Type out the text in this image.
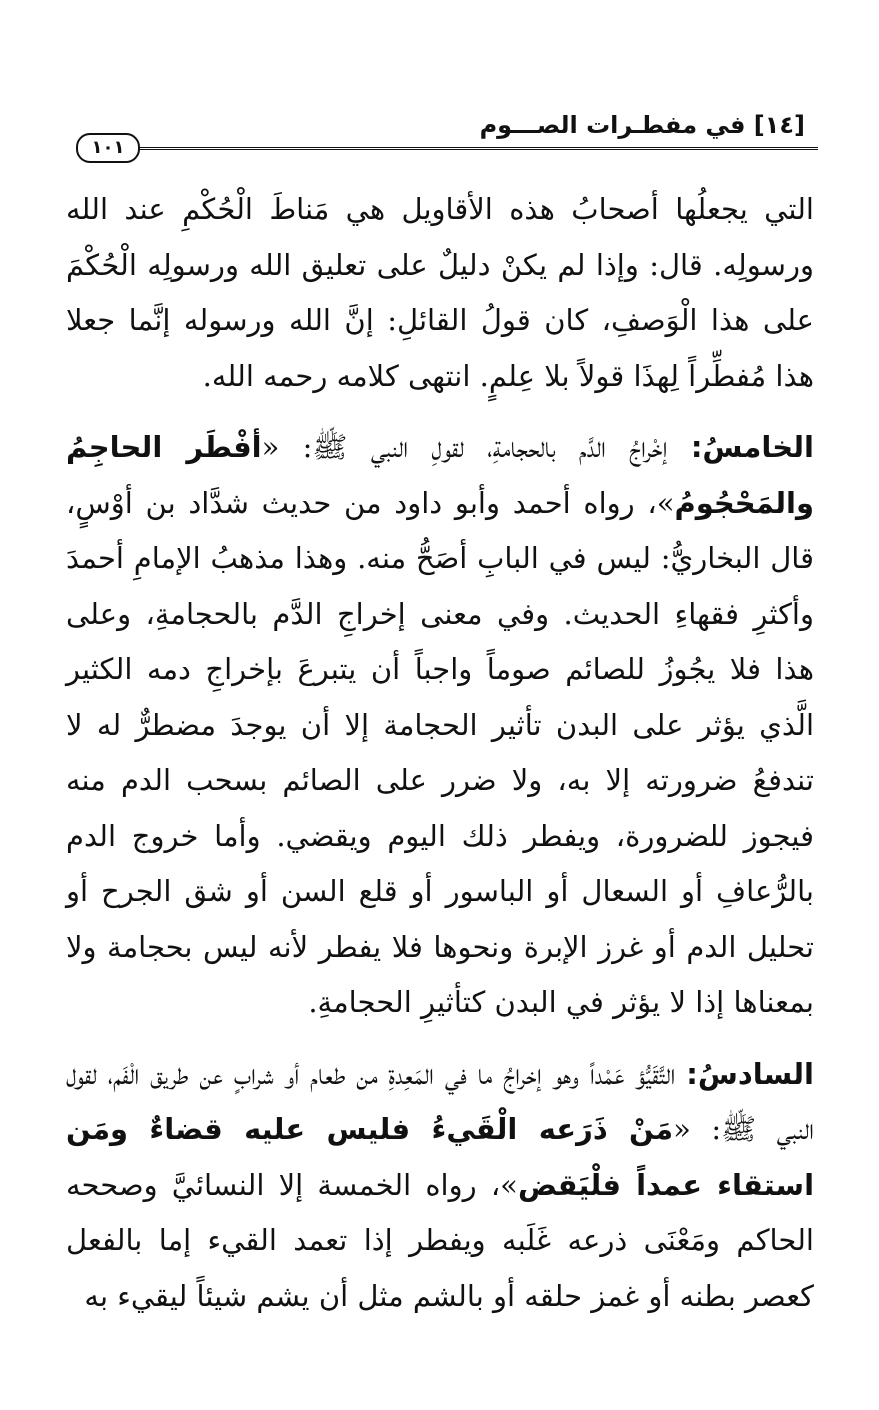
[١٤] في مفطـرات الصـــوم
١٠١

التي يجعلُها أصحابُ هذه الأقاويل هي مَناطَ الْحُكْمِ عند الله ورسولِه. قال: وإذا لم يكنْ دليلٌ على تعليق الله ورسولِه الْحُكْمَ على هذا الْوَصفِ، كان قولُ القائلِ: إنَّ الله ورسوله إنَّما جعلا هذا مُفطِّراً لِهذَا قولاً بلا عِلمٍ. انتهى كلامه رحمه الله.

الخامسُ: إخْراجُ الدَّم بالحجامةِ، لقولِ النبي ﷺ: «أفْطَر الحاجِمُ والمَحْجُومُ»، رواه أحمد وأبو داود من حديث شدَّاد بن أوْسٍ، قال البخاريُّ: ليس في البابِ أصَحُّ منه. وهذا مذهبُ الإمامِ أحمدَ وأكثرِ فقهاءِ الحديث. وفي معنى إخراجِ الدَّم بالحجامةِ، وعلى هذا فلا يجُوزُ للصائم صوماً واجباً أن يتبرعَ بإخراجِ دمه الكثير الَّذي يؤثر على البدن تأثير الحجامة إلا أن يوجدَ مضطرٌّ له لا تندفعُ ضرورته إلا به، ولا ضرر على الصائم بسحب الدم منه فيجوز للضرورة، ويفطر ذلك اليوم ويقضي. وأما خروج الدم بالرُّعافِ أو السعال أو الباسور أو قلع السن أو شق الجرح أو تحليل الدم أو غرز الإبرة ونحوها فلا يفطر لأنه ليس بحجامة ولا بمعناها إذا لا يؤثر في البدن كتأثيرِ الحجامةِ.

السادسُ: التَّقَيُّؤ عَمْداً وهو إخراجُ ما في المَعِدةِ من طعام أو شرابٍ عن طريق الْفَم، لقول النبي ﷺ: «مَنْ ذَرَعه الْقَيءُ فليس عليه قضاءٌ ومَن استقاء عمداً فلْيَقض»، رواه الخمسة إلا النسائيَّ وصححه الحاكم ومَعْنَى ذرعه غَلَبه ويفطر إذا تعمد القيء إما بالفعل كعصر بطنه أو غمز حلقه أو بالشم مثل أن يشم شيئاً ليقيء به
